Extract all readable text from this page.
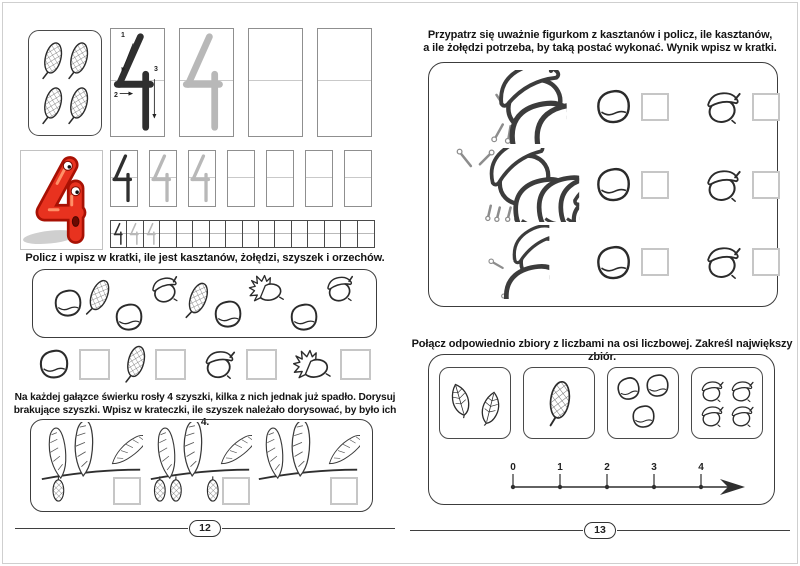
1
2
3
Policz i wpisz w kratki, ile jest kasztanów, żołędzi, szyszek i orzechów.
Na każdej gałązce świerku rosły 4 szyszki, kilka z nich jednak już spadło. Dorysuj
brakujące szyszki. Wpisz w krateczki, ile szyszek należało dorysować, by było ich 4.
12
Przypatrz się uważnie figurkom z kasztanów i policz, ile kasztanów,
a ile żołędzi potrzeba, by taką postać wykonać. Wynik wpisz w kratki.
Połącz odpowiednio zbiory z liczbami na osi liczbowej. Zakreśl największy zbiór.
0	1	2	3	4
13
